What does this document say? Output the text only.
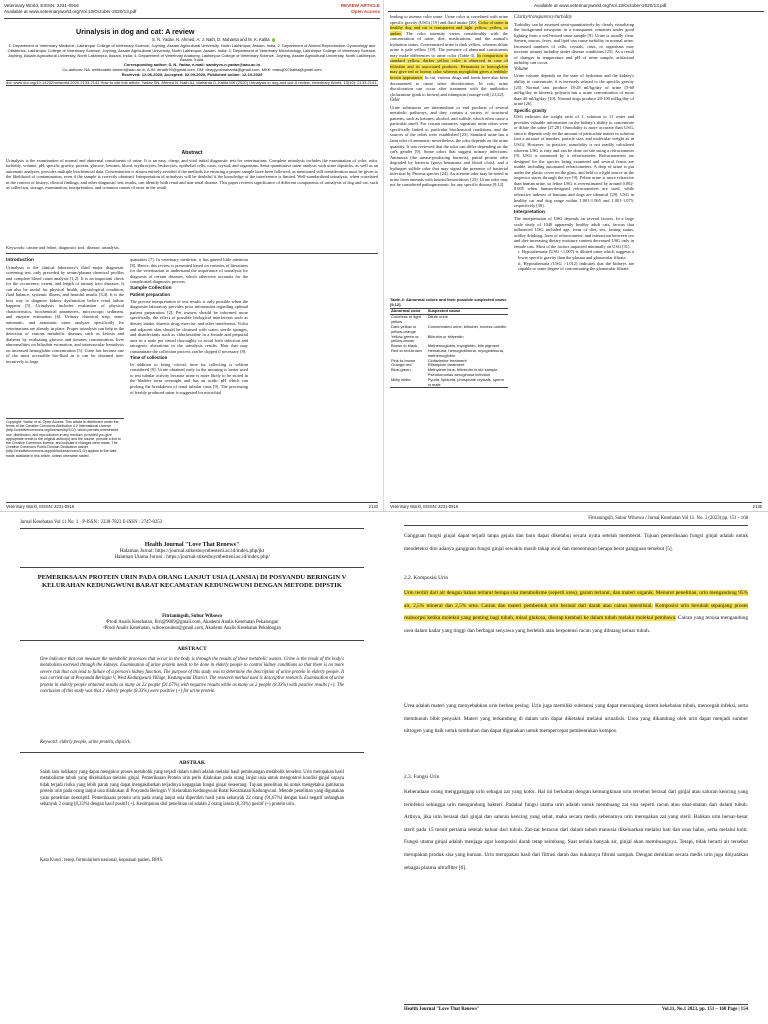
Veterinary World, EISSN: 2231-0916
Available at www.veterinaryworld.org/Vol.13/October-2020/13.pdf
REVIEW ARTICLE
Open Access
Urinalysis in dog and cat: A review
S. N. Yadav, N. Ahmed, A. J. Nath, D. Mahanta and M. K. Kalita
1. Department of Veterinary Medicine, Lakhimpur College of Veterinary Science, Joyhing, Assam Agricultural University, North Lakhimpur, Assam, India; 2. Department of Animal Reproduction Gynecology and Obstetrics, Lakhimpur College of Veterinary Science, Joyhing, Assam Agricultural University, North Lakhimpur, Assam, India; 3. Department of Veterinary Microbiology, Lakhimpur College of Veterinary Science, Joyhing, Assam Agricultural University, North Lakhimpur, Assam, India; 4. Department of Veterinary Anatomy, Lakhimpur College of Veterinary Science, Joyhing, Assam Agricultural University, North Lakhimpur, Assam, India.
Corresponding author: S. N. Yadav, e-mail: sambyvs.n.yadav@aau.ac.in
Co-authors: NA: nekibuddin.ahmed@aau.ac.in, AJN: drnath76@gmail.com, DM: deepjyotimahanta@gmail.com, MKK: manoj007kalita@gmail.com
Received: 12-06-2020, Accepted: 02-09-2020, Published online: 12-10-2020
doi: www.doi.org/10.14202/vetworld.2020.2133-2141 How to cite this article: Yadav SN, Ahmed N, Nath AJ, Mahanta D, Kalita MK (2020) Urinalysis in dog and cat: A review, Veterinary World, 13(10): 2133-2141.
Abstract
Urinalysis is the examination of normal and abnormal constituents of urine. It is an easy, cheap, and vital initial diagnostic test for veterinarians. Complete urinalysis includes the examination of color, odor, turbidity, volume, pH, specific gravity, protein, glucose, ketones, blood, erythrocytes, leukocytes, epithelial cells, casts, crystal, and organisms. Semi-quantitative urine analysis with urine dipsticks, as well as an automatic analyzer, provides multiple biochemical data. Concentration is almost entirely avoided if the methods for ensuring a proper sample have been followed, as mentioned still consideration must be given to the likelihood of contamination, even if the sample is correctly obtained. Interpretation of urinalysis will be doubtful if the knowledge of the interference is limited. Well-standardized urinalysis, when correlated in the context of history, clinical findings, and other diagnostic test results, can identify both renal and non-renal disease. This paper reviews significance of different components of urinalysis of dog and cat, such as collection, storage, examination, interpretation, and common causes of error in the result.
Keywords: canine and feline, diagnostic tool, disease, urinalysis.
Introduction
Urinalysis is the clinical laboratory's third major diagnostic screening test, only preceded by serum/plasma chemical profiles and complete blood count analysis [1,2]. It is an important check for the occurrence, extent, and length of urinary tract diseases. It can also be useful for physical health, physiological condition, fluid balance, systemic illness, and harmful insults [3,4]. It is the best way to diagnose kidney dysfunction before renal failure happens [5]. Urinalysis includes evaluation of physical characteristics, biochemical parameters, microscopic sediment, and enzyme estimation [6]. Urinary chemical strip, semi-automatic, and automatic urine analyzer specifically for veterinarians are already in place. Proper urinalysis can help in the detection of various metabolic diseases such as ketosis and diabetes by evaluating glucose and ketones concentration, liver abnormalities on bilirubin estimation, and intravascular hemolysis on increased hemoglobin concentration [5]. Urine has become one of the most accessible bio-fluid as it can be obtained non-invasively in large
Copyright: Yadav, et al. Open Access. This article is distributed under the terms of the Creative Commons Attribution 4.0 International License (http://creativecommons.org/licenses/by/4.0/), which permits unrestricted use, distribution, and reproduction in any medium, provided you give appropriate credit to the original author(s) and the source, provide a link to the Creative Commons license, and indicate if changes were made. The Creative Commons Public Domain Dedication waiver (http://creativecommons.org/publicdomain/zero/1.0/) applies to the data made available in this article, unless otherwise stated.
quantities [7]. In veterinary medicine, it has gained little attention [8]. Hence, this review is presented based on varieties of literatures for the veterinarian to understand the importance of urinalysis for diagnosis of certain diseases, which otherwise accounts for the complicated diagnostic process.
Sample Collection
Patient preparation
The precise interpretation of test results is only possible when the diagnostic laboratory provides prior information regarding optimal patient preparation [2]. Pet owners should be informed more specifically, the effect of possible biological interferents such as dietary intake, diuretic drug, exercise, and other interferents. Vulva and adjacent skin should be cleansed with water, sterile sponges, and disinfectants such as chlorhexidine in a female and preputial area in a male pet rinsed thoroughly to avoid both infection and iatrogenic alterations in the urinalysis results. Hair that may contaminate the collection process can be clipped if necessary [8].
Time of collection
In addition to being critical, time for collecting is seldom considered [9]. Urine obtained early in the morning is better used to test tubular activity because urine is more likely to be stored in the bladder form overnight and has an acidic pH which can prolong the breakdown of renal tubular casts [9]. The processing of freshly produced urine is suggested for microbial
Veterinary World, EISSN: 2231-0916	2133
Available at www.veterinaryworld.org/Vol.13/October-2020/13.pdf
leading to intense color urine. Urine color is correlated with urine specific gravity (USG) [19] and fluid intake [20]. Color of urine in healthy dog and cat is transparent and light yellow, yellow, or amber. The color intensity varies considerably with the concentration of urine, diet, medications, and the animal's hydration status. Concentrated urine is dark yellow, whereas dilute urine is pale yellow [18]. The presence of abnormal constituents may make differences to urine color (Table-3). In comparison to standard yellow, darker yellow color is observed in case of bilirubin and its associated products. Hematuria or hemoglobin may give red or brown color whereas myoglobin gives a reddish-brown appearance. In cat, various drugs and foods have also been documented to cause urine discoloration. In cats, urine discoloration can occur after treatment with the antibiotics clofazimine (pink to brown) and rifampicin (orange-red) [21,22].
Odor
Urine substances are intermediate or end products of several metabolic pathways, and they contain a variety of structural patterns, such as ketones, alcohol, and sulfide, which often cause a particular smell. For certain instances, signature urine odors were specifically linked to particular biochemical conditions, and the sources of the odors were established [23]. Standard urine has a faint odor of ammonia; nevertheless, the odor depends on the urine quantity. It was reviewed that the odor can differ depending on the cat's gender [9]. Some odors that suggest urinary infections: Ammonia (the urease-producing bacteria), putrid protein odor degraded by bacteria (gross hematuria and blood clots), and a hydrogen sulfide odor that may signal the presence of bacterial infection by Proteus species [24]. An acetone odor may be noted in urine from animals with ketosis/ketoacidosis [25]. Urine odor may not be considered pathognomonic for any specific disease [9,12].
Table-3: Abnormal colors and their possible suspected cause [9,12].
Abnormal color	Suspected cause
Colorless or light yellow	Dilute urine
Dark yellow or yellow-orange	Concentrated urine, bilirubin, excess urobilin
Yellow-green or yellow-brown	Bilirubin or biliverdin
Brown to black	Methemoglobin, myoglobin, bile pigment
Red to red-brown	Hematuria, hemoglobinuria, myoglobinuria, methemoglobin
Pink to brown	Clofazimine treatment
Orange-red	Rifampicin treatment
Blue-green	Methylene blue, biliverdin in old sample, Pseudomonas aeruginosa infection
Milky white	Pyuria, lipiduria, phosphate crystals, sperm in male
Clarity/transparency/turbidity
Turbidity can be assessed semi-quantitatively by clearly visualizing the background newsprint in a transparent container under good lighting from a well-mixed urine sample [9]. Urine is usually clear. Semen, mucus, feces, and lipid can cause turbidity in normal urine. Increased numbers of cells, crystals, casts, or organisms may increase urinary turbidity under disease conditions [25]. As a result of changes in temperature and pH of urine sample, artifactual turbidity can occur.
Volume
Urine volume depends on the state of hydration and the kidney's ability to concentrate; it is inversely related to the specific gravity [25]. Normal cats produce 18-28 ml/kg/day of urine (5-60 ml/kg/day in kittens); polyuria has a urine concentration of more than 40 ml/kg/day [10]. Normal dogs produce 20-100 ml/kg/day of urine [26].
Specific gravity
USG indicates the weight ratio of 1, solution to 11 water and provides valuable information on the kidney's ability to concentrate or dilute the urine [27,28]. Osmolality is more accurate than USG, since it depends only on the amount of particulate matter in solution (not a mixture of number, particle size, and molecular weight as in USG). However, in practice, osmolality is not readily calculated whereas USG is easy and can be done on-site using a refractometer [9]. USG is measured by a refractometer. Refractometers are designed for the species being examined and several forms are usable, including automated refractometers. A drop of urine is put under the plastic cover on the glass, and held to a light source as the inspector stares through the eye [9]. Feline urine is more refractive than human urine, so feline USG is overestimated by around 0.002-0.005 when human-designed refractometers are used, while refractive indexes of humans and dogs are identical [29]. USG in healthy cat and dog range within 1.001-1.065 and 1.001-1.075, respectively [30].
Interpretation
The interpretation of USG depends on several factors. In a large scale study of 1040 apparently healthy adult cats, factors that influenced USG included age, form of diet, sex, fasting status, acidity drinking, form of refractometer, and interaction between sex and diet-increasing dietary moisture content decreased USG only in female cats. Most of the factors impacted minimally on USG [31].
i. Hyposthenuria (USG <1.007) is diluted urine which suggests a lower specific gravity than the plasma and glomerular filtrate.
ii. Hyposthenuria (USG >1.012) indicates that the kidneys are capable to some degree of concentrating the glomerular filtrate.
Veterinary World, EISSN: 2231-0916	2135
Jurnal Kesehatan Vol 11 No. 1 · P-ISSN : 2338-7823 E-ISSN : 2747-0253
Health Journal "Love That Renews"
Halaman Jurnal: https://journal.stikesbuymbesteni.ac.id/index.php/jkt
Halaman Utama Jurnal : https://journal.stikesbuymbesteni.ac.id/index.php/
PEMERIKSAAN PROTEIN URIN PADA ORANG LANJUT USIA (LANSIA) DI POSYANDU BERINGIN V KELURAHAN KEDUNGWUNI BARAT KECAMATAN KEDUNGWUNI DENGAN METODE DIPSTIK
Fitrianingsih, Subur Wibowo
¹Prodi Analis Kesehatan, fitri@9069@gmail.com, Akademi Analis Kesehatan Pekalongan
²Prodi Analis Kesehatan, wibowosubur@gmail.com, Akademi Analis Kesehatan Pekalongan
ABSTRACT
One indicator that can measure the metabolic processes that occur in the body is through the results of these metabolic wastes. Urine is the result of the body's metabolism excreted through the kidneys. Examination of urine protein needs to be done in elderly people to control kidney conditions so that there is no more severe risk that can lead to failure of a person's kidney function. The purpose of this study was to determine the description of urine protein in elderly people. It was carried out at Posyandu Beringin V, West Kedungwuni Village, Kedungwuni District. The research method used is descriptive research. Examination of urine protein in elderly people obtained results as many as 22 people (91.67%) with negative results while as many as 2 people (8.33%) with positive results (+). The conclusion of this study was that 2 elderly people (8.33%) were positive (+) for urine protein.
Keyword: elderly people, urine protein, dipstick.
ABSTRAK
Salah satu indikator yang dapat mengukur proses metabolik yang terjadi dalam tubuh adalah melalui hasil pembuangan metabolik tersebut. Urin merupakan hasil metabolisme tubuh yang dikeluarkan melalui ginjal. Pemeriksaan Protein urin perlu dilakukan pada orang lanjut usia untuk mengontrol kondisi ginjal supaya tidak terjadi risiko yang lebih parah yang dapat mengakibatkan terjadinya kegagalan fungsi ginjal seseorang. Tujuan penelitian ini untuk mengetahui gambaran protein urin pada orang lanjut usia dilakukan di Posyandu Beringin V Kelurahan Kedungwuni Barat Kecamatan Kedungwuni. Metode penelitian yang digunakan yaitu penelitian deskriptif. Pemeriksaan protein urin pada orang lanjut usia diperoleh hasil yaitu sebanyak 22 orang (91,67%) dengan hasil negatif sedangkan sebanyak 2 orang (8,33%) dengan hasil positif (+). Kesimpulan dari penelitian ini adalah 2 orang lansia (8,33%) positif (+) protein urin.
Kata Kunci: resep, formularium nasional, kepuasan pasien, BPJS.
Fitrianingsih, Subur Wibowo / Jurnal Kesehatan Vol 11. No. 1 (2023) pp. 151 - 168
Gangguan fungsi ginjal dapat terjadi tanpa gejala dan baru dapat diketahui secara nyata setelah memberat. Tujuan pemeriksaan fungsi ginjal adalah untuk mendeteksi dini adanya gangguan fungsi ginjal sewaktu masih tahap awal dan menentukan berapa berat gangguan tersebut [5].
2.2. Komposisi Urin
Urin terdiri dari air dengan bahan terlarut berupa sisa metabolisme (seperti urea), garam terlarut, dan materi organik. Menurut penelitian, urin mengandung 95% air, 2,5% mineral dan 2,5% urea. Cairan dan materi pembentuk urin berasal dari darah atau cairan interstisial. Komposisi urin berubah sepanjang proses reabsorpsi ketika molekul yang penting bagi tubuh, misal glukosa, diserap kembali ke dalam tubuh melalui molekul pembawa. Cairan yang tersisa mengandung urea dalam kadar yang tinggi dan berbagai senyawa yang berlebih atau berpotensi racun yang dibuang keluar tubuh.
Urea adalah materi yang menyebabkan urin berbau pesing. Urin juga memiliki substansi yang dapat menunjang sistem kekebalan tubuh, mencegah infeksi, serta membunuh bibit penyakit. Materi yang terkandung di dalam urin dapat diketahui melalui urinalisis. Urea yang dikandung oleh urin dapat menjadi sumber nitrogen yang baik untuk tumbuhan dan dapat digunakan untuk mempercepat pembentukan kompos.
2.3. Fungsi Urin
Keberadaan orang mengganggap urin sebagai zat yang kotor. Hal ini berkaitan dengan kemungkinan urin tersebut berasal dari ginjal atau saluran kencing yang terinfeksi sehingga urin mengandung bakteri. Padahal fungsi utama urin adalah untuk membuang zat sisa seperti racun atau obat-obatan dari dalam tubuh. Artinya, jika urin berasal dari ginjal dan saluran kencing yang sehat, maka secara medis sebenarnya urin merupakan zat yang steril. Bahkan urin bersar-besar steril pada 15 menit pertama setelah keluar dari tubuh. Zat-zat beracun dari dalam tubuh manusia dikeluarkan melalui hati dan usus halus, serta melalui kulit. Fungsi utama ginjal adalah menjaga agar komposisi darah tetap seimbang. Saat terlalu banyak air, ginjal akan membuangnya. Tetapi, tidak berarti air tersebut merupakan produk sisa yang buruan. Urin merupakan hasil dari filtrasi darah dan bukannya filtrasi sampah. Dengan demikian secara medis urin juga dinyatakan sebagai plasma ultrafilter [6].
Health Journal "Love That Renews"	Vol.11, No.1 2023, pp. 151 – 168 Page | 154
